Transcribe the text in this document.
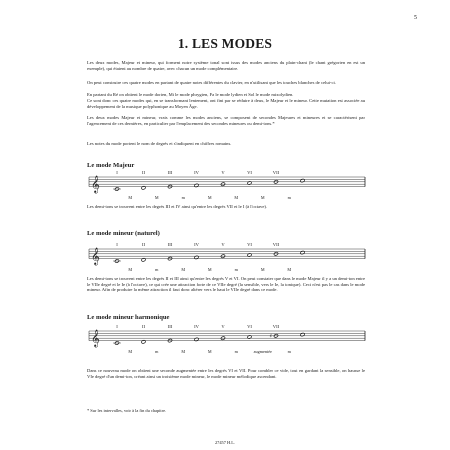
5
1. LES MODES

Les deux modes, Majeur et mineur, qui forment notre système tonal sont issus des modes anciens du plain-chant (le chant grégorien en est un exemple), qui étaient au nombre de quatre, avec chacun un mode complémentaire.

On peut construire ces quatre modes en partant de quatre notes différentes du clavier, en n'utilisant que les touches blanches de celui-ci.

En partant du Ré on obtient le mode dorien, Mi le mode phrygien, Fa le mode lydien et Sol le mode mixolydien.

Ce sont donc ces quatre modes qui, en se transformant lentement, ont fini par se réduire à deux, le Majeur et le mineur. Cette mutation est associée au développement de la musique polyphonique au Moyen Âge.

Les deux modes Majeur et mineur, vrais comme les modes anciens, se composent de secondes Majeures et mineures et se caractérisent par l'agencement de ces dernières, en particulier par l'emplacement des secondes mineures ou demi-tons.*

Les notes du mode portent le nom de degrés et s'indiquent en chiffres romains.

Le mode Majeur
𝄞
I	II	III	IV	V	VI	VII
M	M	m	M	M	M	m

Les demi-tons se trouvent entre les degrés III et IV ainsi qu'entre les degrés VII et le I (à l'octave).

Le mode mineur (naturel)
𝄞
I	II	III	IV	V	VI	VII
M	m	M	M	m	M	M

Les demi-tons se trouvent entre les degrés II et III ainsi qu'entre les degrés V et VI. On peut constater que dans le mode Majeur il y a un demi-ton entre le VIIe degré et le Ie (à l'octave), ce qui crée une attraction forte de ce VIIe degré (la sensible, vers le Ie, la tonique). Ceci n'est pas le cas dans le mode mineur. Afin de produire la même attraction il faut donc altérer vers le haut le VIIe degré dans ce mode.

Le mode mineur harmonique
𝄞	♯
I	II	III	IV	V	VI	VII
M	m	M	M	m	augmentée	m

Dans ce nouveau mode on obtient une seconde augmentée entre les degrés VI et VII. Pour combler ce vide, tout en gardant la sensible, on hausse le VIe degré d'un demi-ton, créant ainsi un troisième mode mineur, le mode mineur mélodique ascendant.

* Sur les intervalles, voir à la fin du chapitre.
27457 H.L.
